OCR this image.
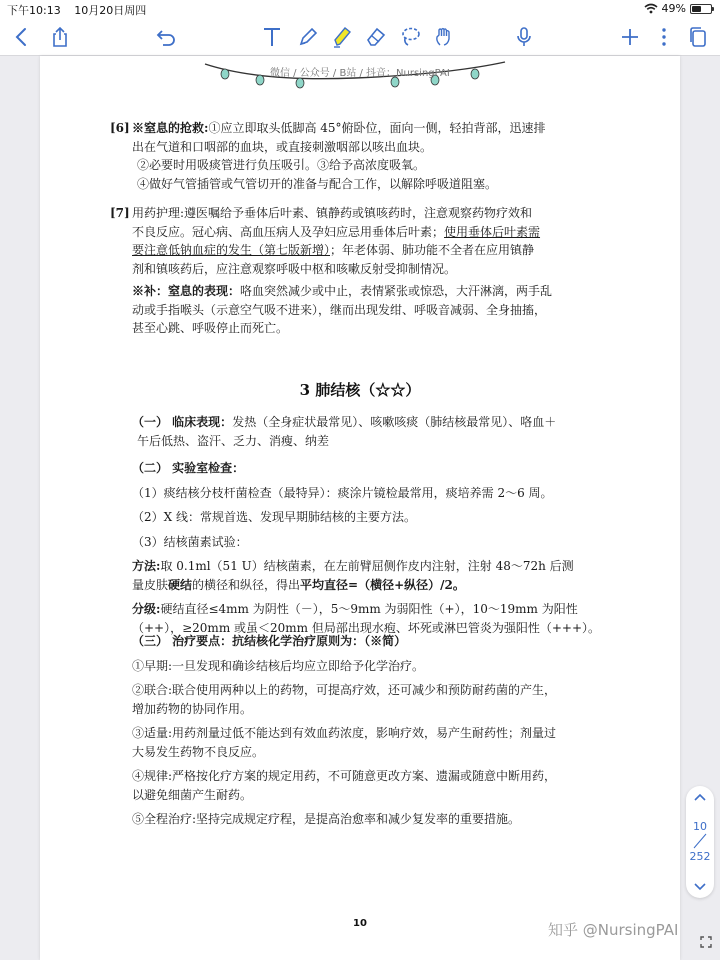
下午10:13 10月20日周四	49%
微信 / 公众号 / B站 / 抖音：NursingPAI
[6] ※窒息的抢救:①应立即取头低脚高 45°俯卧位，面向一侧，轻拍背部，迅速排
出在气道和口咽部的血块，或直接刺激咽部以咳出血块。
②必要时用吸痰管进行负压吸引。③给予高浓度吸氧。
④做好气管插管或气管切开的准备与配合工作，以解除呼吸道阻塞。
[7] 用药护理:遵医嘱给予垂体后叶素、镇静药或镇咳药时，注意观察药物疗效和
不良反应。冠心病、高血压病人及孕妇应忌用垂体后叶素；使用垂体后叶素需
要注意低钠血症的发生（第七版新增）；年老体弱、肺功能不全者在应用镇静
剂和镇咳药后，应注意观察呼吸中枢和咳嗽反射受抑制情况。
※补：窒息的表现：咯血突然减少或中止，表情紧张或惊恐，大汗淋漓，两手乱
动或手指喉头（示意空气吸不进来），继而出现发绀、呼吸音减弱、全身抽搐，
甚至心跳、呼吸停止而死亡。
3 肺结核（☆☆）
（一） 临床表现：发热（全身症状最常见）、咳嗽咳痰（肺结核最常见）、咯血＋
午后低热、盗汗、乏力、消瘦、纳差
（二） 实验室检查：
（1）痰结核分枝杆菌检查（最特异）：痰涂片镜检最常用，痰培养需 2～6 周。
（2）X 线：常规首选、发现早期肺结核的主要方法。
（3）结核菌素试验：
方法:取 0.1ml（51 U）结核菌素，在左前臂屈侧作皮内注射，注射 48～72h 后测
量皮肤硬结的横径和纵径，得出平均直径=（横径+纵径）/2。
分级:硬结直径≤4mm 为阴性（－），5～9mm 为弱阳性（+），10～19mm 为阳性
（++），≥20mm 或虽＜20mm 但局部出现水疱、坏死或淋巴管炎为强阳性（+++）。
（三） 治疗要点：抗结核化学治疗原则为：（※简）
①早期:一旦发现和确诊结核后均应立即给予化学治疗。
②联合:联合使用两种以上的药物，可提高疗效，还可减少和预防耐药菌的产生，
增加药物的协同作用。
③适量:用药剂量过低不能达到有效血药浓度，影响疗效，易产生耐药性；剂量过
大易发生药物不良反应。
④规律:严格按化疗方案的规定用药，不可随意更改方案、遗漏或随意中断用药，
以避免细菌产生耐药。
⑤全程治疗:坚持完成规定疗程，是提高治愈率和减少复发率的重要措施。
10
10
252
知乎 @NursingPAI
